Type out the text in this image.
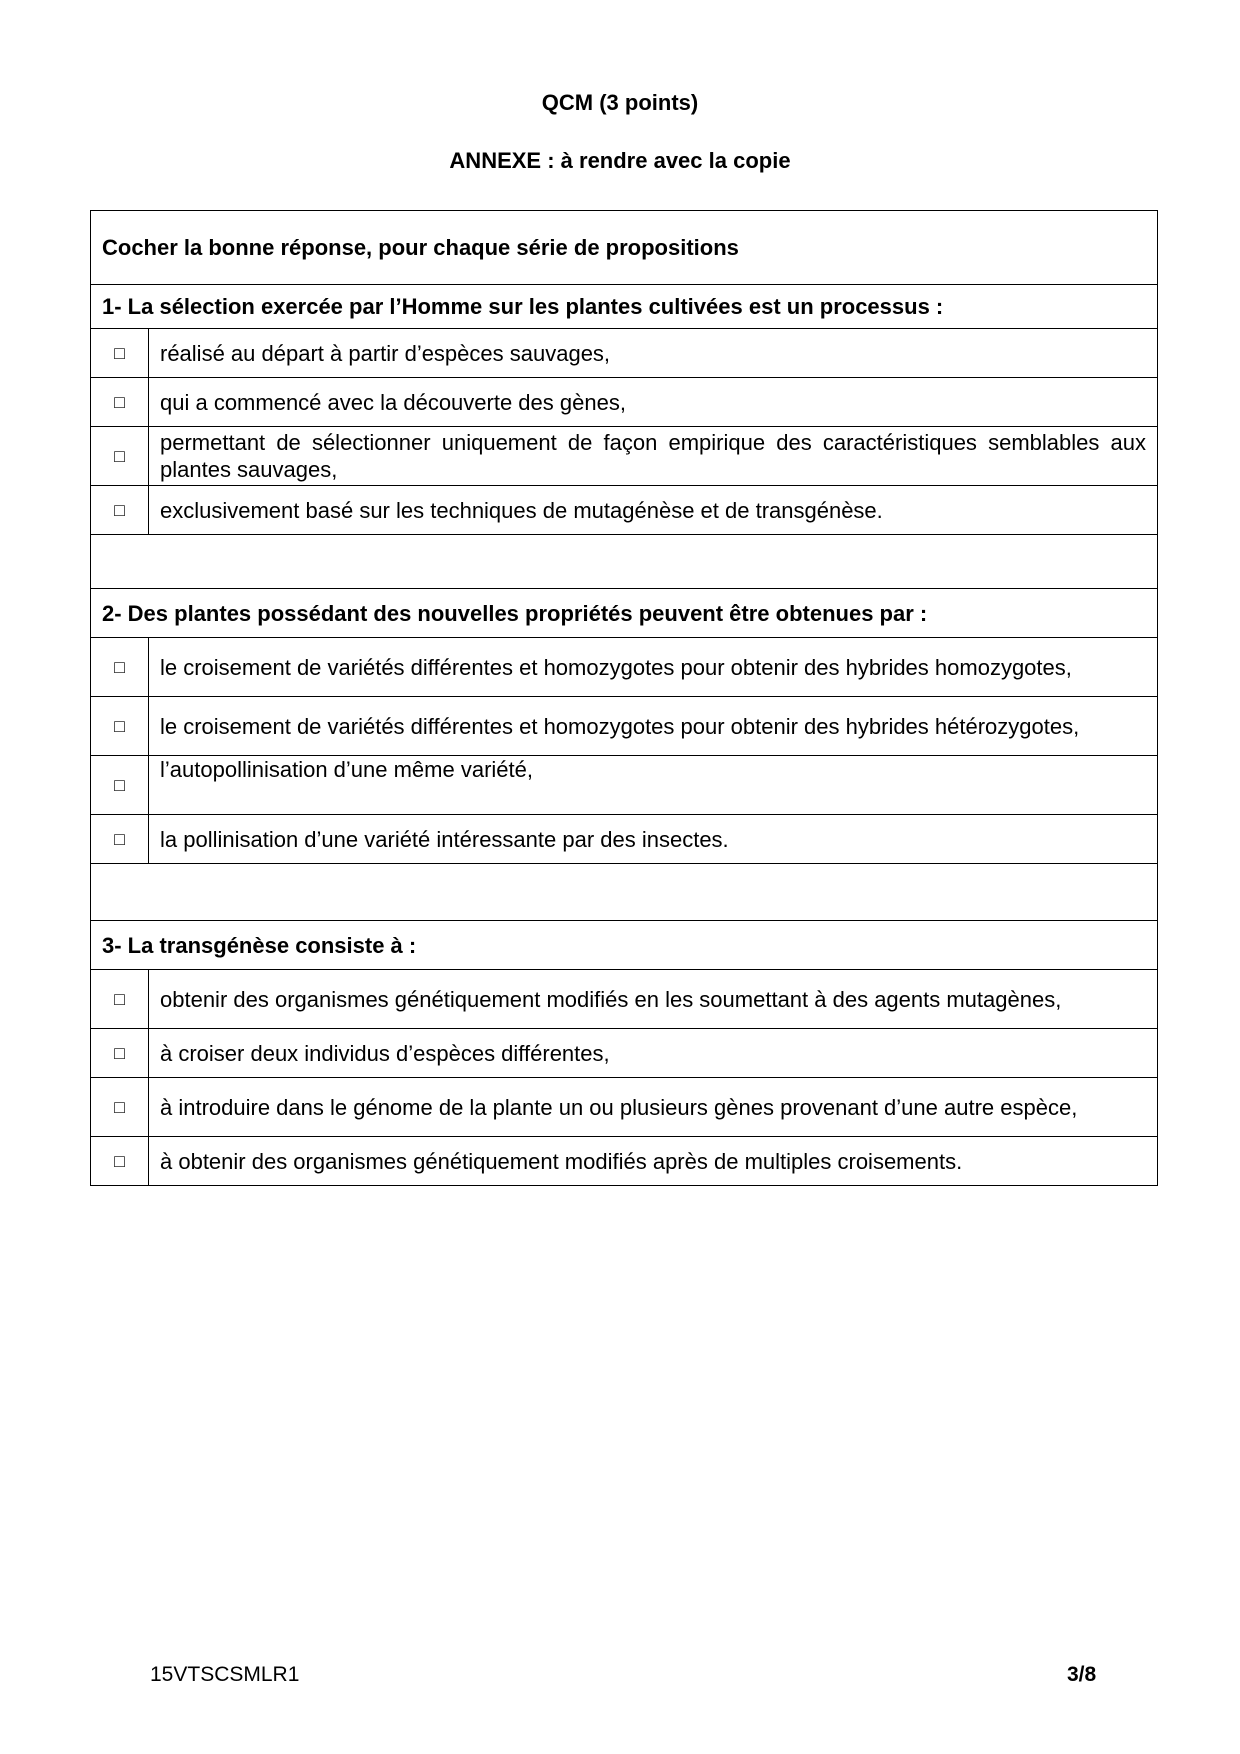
QCM (3 points)
ANNEXE : à rendre avec la copie
Cocher la bonne réponse, pour chaque série de propositions	
1- La sélection exercée par l’Homme sur les plantes cultivées est un processus :	
□	réalisé au départ à partir d’espèces sauvages,
□	qui a commencé avec la découverte des gènes,
□	permettant de sélectionner uniquement de façon empirique des caractéristiques semblables aux plantes sauvages,
□	exclusivement basé sur les techniques de mutagénèse et de transgénèse.

2- Des plantes possédant des nouvelles propriétés peuvent être obtenues par :	
□	le croisement de variétés différentes et homozygotes pour obtenir des hybrides homozygotes,
□	le croisement de variétés différentes et homozygotes pour obtenir des hybrides hétérozygotes,
□	l’autopollinisation d’une même variété,
□	la pollinisation d’une variété intéressante par des insectes.

3- La transgénèse consiste à :	
□	obtenir des organismes génétiquement modifiés en les soumettant à des agents mutagènes,
□	à croiser deux individus d’espèces différentes,
□	à introduire dans le génome de la plante un ou plusieurs gènes provenant d’une autre espèce,
□	à obtenir des organismes génétiquement modifiés après de multiples croisements.
15VTSCSMLR1	3/8
